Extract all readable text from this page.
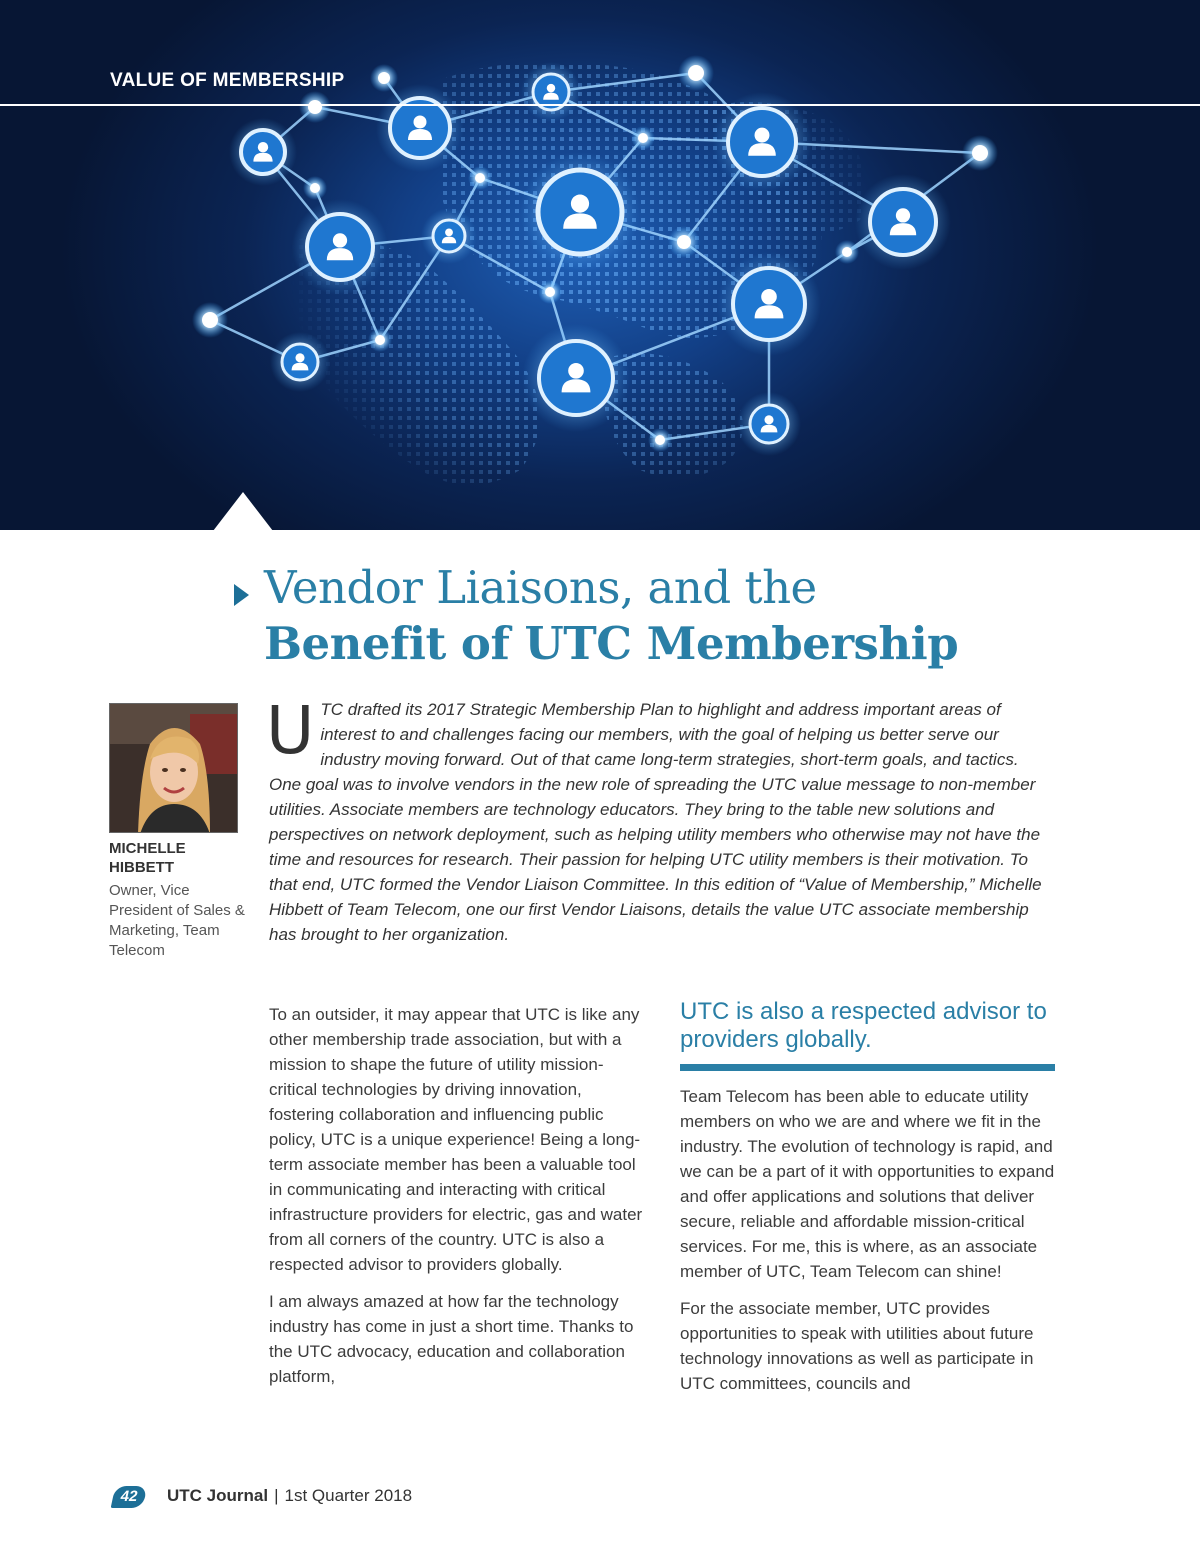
VALUE OF MEMBERSHIP
Vendor Liaisons, and the
Benefit of UTC Membership
MICHELLE HIBBETT
Owner, Vice President of Sales & Marketing, Team Telecom
UTC drafted its 2017 Strategic Membership Plan to highlight and address important areas of interest to and challenges facing our members, with the goal of helping us better serve our industry moving forward. Out of that came long-term strategies, short-term goals, and tactics. One goal was to involve vendors in the new role of spreading the UTC value message to non-member utilities. Associate members are technology educators. They bring to the table new solutions and perspectives on network deployment, such as helping utility members who otherwise may not have the time and resources for research. Their passion for helping UTC utility members is their motivation. To that end, UTC formed the Vendor Liaison Committee. In this edition of “Value of Membership,” Michelle Hibbett of Team Telecom, one our first Vendor Liaisons, details the value UTC associate membership has brought to her organization.

To an outsider, it may appear that UTC is like any other membership trade association, but with a mission to shape the future of utility mission-critical technologies by driving innovation, fostering collaboration and influencing public policy, UTC is a unique experience! Being a long-term associate member has been a valuable tool in communicating and interacting with critical infrastructure providers for electric, gas and water from all corners of the country. UTC is also a respected advisor to providers globally.

I am always amazed at how far the technology industry has come in just a short time. Thanks to the UTC advocacy, education and collaboration platform,

UTC is also a respected advisor to providers globally.

Team Telecom has been able to educate utility members on who we are and where we fit in the industry. The evolution of technology is rapid, and we can be a part of it with opportunities to expand and offer applications and solutions that deliver secure, reliable and affordable mission-critical services. For me, this is where, as an associate member of UTC, Team Telecom can shine!

For the associate member, UTC provides opportunities to speak with utilities about future technology innovations as well as participate in UTC committees, councils and

42	UTC Journal | 1st Quarter 2018
